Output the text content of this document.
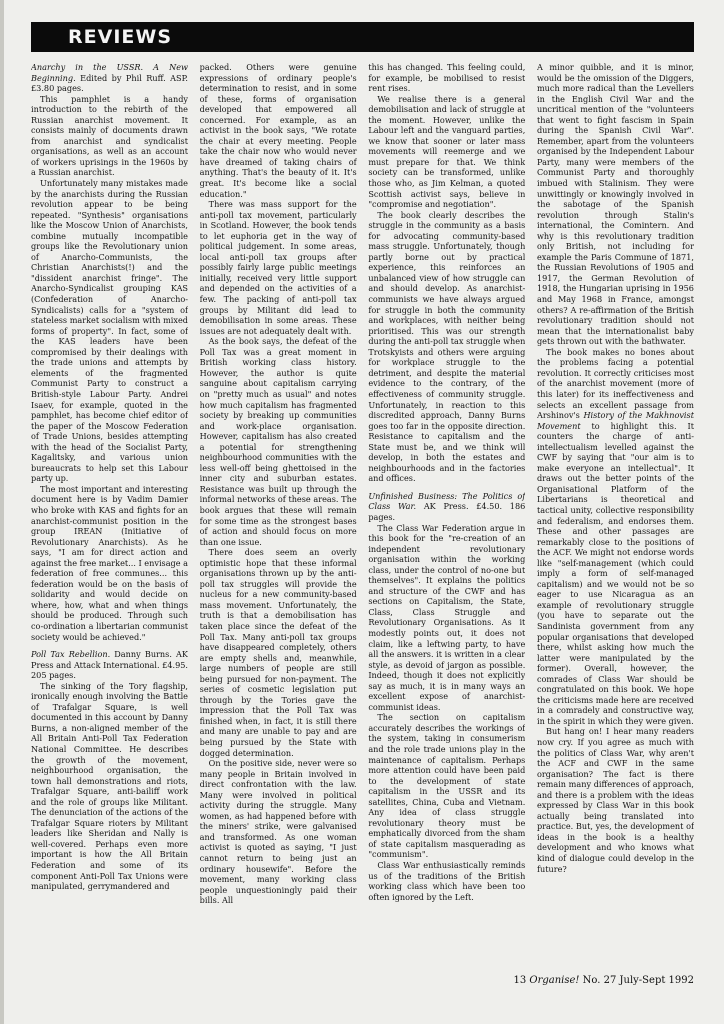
REVIEWS

Anarchy in the USSR. A New Beginning. Edited by Phil Ruff. ASP. £3.80 pages.

This pamphlet is a handy introduction to the rebirth of the Russian anarchist movement. It consists mainly of documents drawn from anarchist and syndicalist organisations, as well as an account of workers uprisings in the 1960s by a Russian anarchist.

Unfortunately many mistakes made by the anarchists during the Russian revolution appear to be being repeated. "Synthesis" organisations like the Moscow Union of Anarchists, combine mutually incompatible groups like the Revolutionary union of Anarcho-Communists, the Christian Anarchists(!) and the "dissident anarchist fringe". The Anarcho-Syndicalist grouping KAS (Confederation of Anarcho-Syndicalists) calls for a "system of stateless market socialism with mixed forms of property". In fact, some of the KAS leaders have been compromised by their dealings with the trade unions and attempts by elements of the fragmented Communist Party to construct a British-style Labour Party. Andrei Isaev, for example, quoted in the pamphlet, has become chief editor of the paper of the Moscow Federation of Trade Unions, besides attempting with the head of the Socialist Party, Kagalitsky, and various union bureaucrats to help set this Labour party up.

The most important and interesting document here is by Vadim Damier who broke with KAS and fights for an anarchist-communist position in the group IREAN (Initiative of Revolutionary Anarchists). As he says, "I am for direct action and against the free market... I envisage a federation of free communes... this federation would be on the basis of solidarity and would decide on where, how, what and when things should be produced. Through such co-ordination a libertarian communist society would be achieved."

Poll Tax Rebellion. Danny Burns. AK Press and Attack International. £4.95. 205 pages.

The sinking of the Tory flagship, ironically enough involving the Battle of Trafalgar Square, is well documented in this account by Danny Burns, a non-aligned member of the All Britain Anti-Poll Tax Federation National Committee. He describes the growth of the movement, neighbourhood organisation, the town hall demonstrations and riots, Trafalgar Square, anti-bailiff work and the role of groups like Militant. The denunciation of the actions of the Trafalgar Square rioters by Militant leaders like Sheridan and Nally is well-covered. Perhaps even more important is how the All Britain Federation and some of its component Anti-Poll Tax Unions were manipulated, gerrymandered and

packed. Others were genuine expressions of ordinary people's determination to resist, and in some of these, forms of organisation developed that empowered all concerned. For example, as an activist in the book says, "We rotate the chair at every meeting. People take the chair now who would never have dreamed of taking chairs of anything. That's the beauty of it. It's great. It's become like a social education."

There was mass support for the anti-poll tax movement, particularly in Scotland. However, the book tends to let euphoria get in the way of political judgement. In some areas, local anti-poll tax groups after possibly fairly large public meetings initially, received very little support and depended on the activities of a few. The packing of anti-poll tax groups by Militant did lead to demobilisation in some areas. These issues are not adequately dealt with.

As the book says, the defeat of the Poll Tax was a great moment in British working class history. However, the author is quite sanguine about capitalism carrying on "pretty much as usual" and notes how much capitalism has fragmented society by breaking up communities and work-place organisation. However, capitalism has also created a potential for strengthening neighbourhood communities with the less well-off being ghettoised in the inner city and suburban estates. Resistance was built up through the informal networks of these areas. The book argues that these will remain for some time as the strongest bases of action and should focus on more than one issue.

There does seem an overly optimistic hope that these informal organisations thrown up by the anti-poll tax struggles will provide the nucleus for a new community-based mass movement. Unfortunately, the truth is that a demobilisation has taken place since the defeat of the Poll Tax. Many anti-poll tax groups have disappeared completely, others are empty shells and, meanwhile, large numbers of people are still being pursued for non-payment. The series of cosmetic legislation put through by the Tories gave the impression that the Poll Tax was finished when, in fact, it is still there and many are unable to pay and are being pursued by the State with dogged determination.

On the positive side, never were so many people in Britain involved in direct confrontation with the law. Many were involved in political activity during the struggle. Many women, as had happened before with the miners' strike, were galvanised and transformed. As one woman activist is quoted as saying, "I just cannot return to being just an ordinary housewife". Before the movement, many working class people unquestioningly paid their bills. All

this has changed. This feeling could, for example, be mobilised to resist rent rises.

We realise there is a general demobilisation and lack of struggle at the moment. However, unlike the Labour left and the vanguard parties, we know that sooner or later mass movements will reemerge and we must prepare for that. We think society can be transformed, unlike those who, as Jim Kelman, a quoted Scottish activist says, believe in "compromise and negotiation".

The book clearly describes the struggle in the community as a basis for advocating community-based mass struggle. Unfortunately, though partly borne out by practical experience, this reinforces an unbalanced view of how struggle can and should develop. As anarchist-communists we have always argued for struggle in both the community and workplaces, with neither being prioritised. This was our strength during the anti-poll tax struggle when Trotskyists and others were arguing for workplace struggle to the detriment, and despite the material evidence to the contrary, of the effectiveness of community struggle. Unfortunately, in reaction to this discredited approach, Danny Burns goes too far in the opposite direction. Resistance to capitalism and the State must be, and we think will develop, in both the estates and neighbourhoods and in the factories and offices.

Unfinished Business: The Politics of Class War. AK Press. £4.50. 186 pages.

The Class War Federation argue in this book for the "re-creation of an independent revolutionary organisation within the working class, under the control of no-one but themselves". It explains the politics and structure of the CWF and has sections on Capitalism, the State, Class, Class Struggle and Revolutionary Organisations. As it modestly points out, it does not claim, like a leftwing party, to have all the answers. it is written in a clear style, as devoid of jargon as possible. Indeed, though it does not explicitly say as much, it is in many ways an excellent expose of anarchist-communist ideas.

The section on capitalism accurately describes the workings of the system, taking in consumerism and the role trade unions play in the maintenance of capitalism. Perhaps more attention could have been paid to the development of state capitalism in the USSR and its satellites, China, Cuba and Vietnam. Any idea of class struggle revolutionary theory must be emphatically divorced from the sham of state capitalism masquerading as "communism".

Class War enthusiastically reminds us of the traditions of the British working class which have been too often ignored by the Left.

A minor quibble, and it is minor, would be the omission of the Diggers, much more radical than the Levellers in the English Civil War and the uncritical mention of the "volunteers that went to fight fascism in Spain during the Spanish Civil War". Remember, apart from the volunteers organised by the Independent Labour Party, many were members of the Communist Party and thoroughly imbued with Stalinism. They were unwittingly or knowingly involved in the sabotage of the Spanish revolution through Stalin's international, the Comintern. And why is this revolutionary tradition only British, not including for example the Paris Commune of 1871, the Russian Revolutions of 1905 and 1917, the German Revolution of 1918, the Hungarian uprising in 1956 and May 1968 in France, amongst others? A re-affirmation of the British revolutionary tradition should not mean that the internationalist baby gets thrown out with the bathwater.

The book makes no bones about the problems facing a potential revolution. It correctly criticises most of the anarchist movement (more of this later) for its ineffectiveness and selects an excellent passage from Arshinov's History of the Makhnovist Movement to highlight this. It counters the charge of anti-intellectualism levelled against the CWF by saying that "our aim is to make everyone an intellectual". It draws out the better points of the Organisational Platform of the Libertarians is theoretical and tactical unity, collective responsibility and federalism, and endorses them. These and other passages are remarkably close to the positions of the ACF. We might not endorse words like "self-management (which could imply a form of self-managed capitalism) and we would not be so eager to use Nicaragua as an example of revolutionary struggle (you have to separate out the Sandinista government from any popular organisations that developed there, whilst asking how much the latter were manipulated by the former). Overall, however, the comrades of Class War should be congratulated on this book. We hope the criticisms made here are received in a comradely and constructive way, in the spirit in which they were given.

But hang on! I hear many readers now cry. If you agree as much with the politics of Class War, why aren't the ACF and CWF in the same organisation? The fact is there remain many differences of approach, and there is a problem with the ideas expressed by Class War in this book actually being translated into practice. But, yes, the development of ideas in the book is a healthy development and who knows what kind of dialogue could develop in the future?

13 Organise! No. 27 July-Sept 1992
